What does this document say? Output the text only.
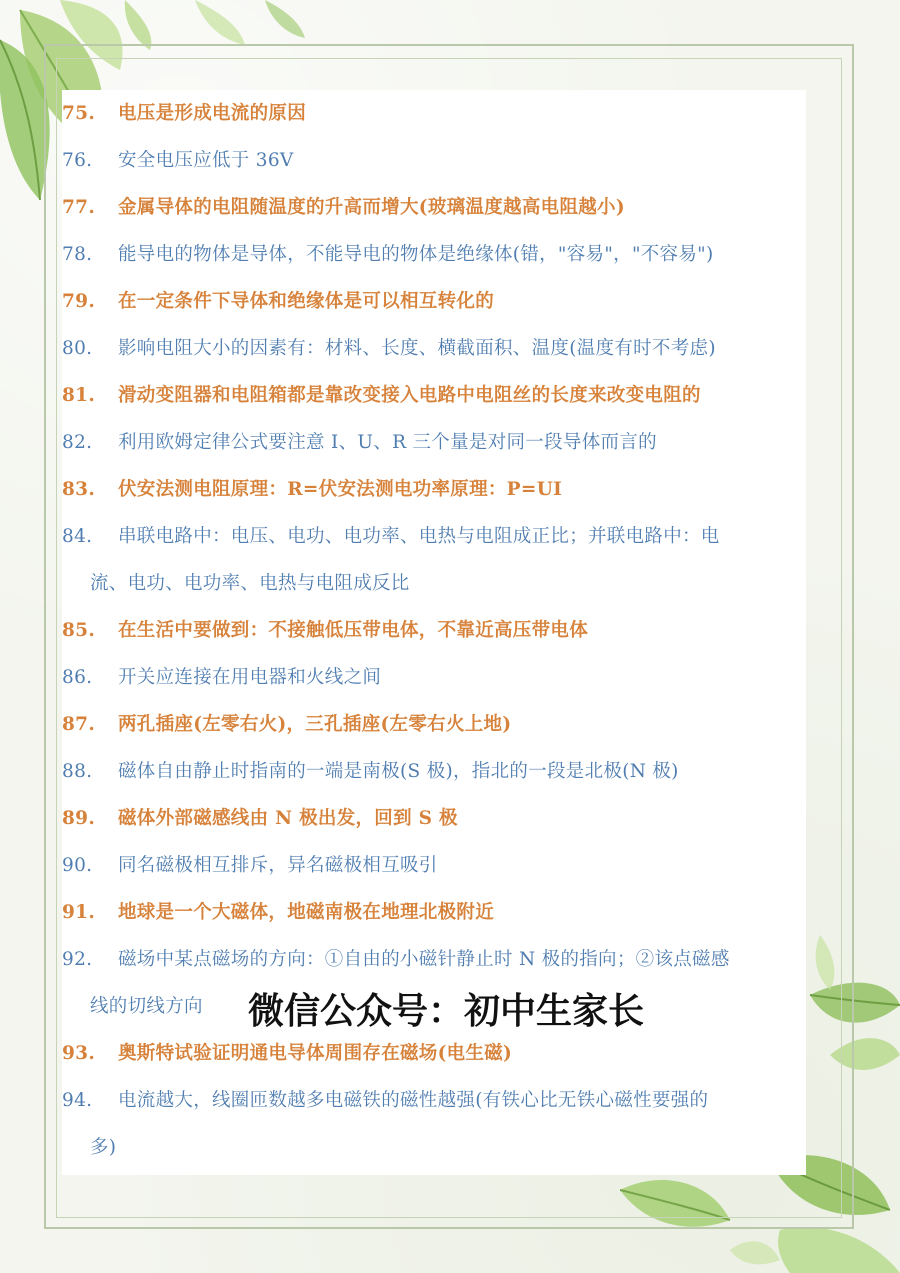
75.	电压是形成电流的原因
76.	安全电压应低于 36V
77.	金属导体的电阻随温度的升高而增大(玻璃温度越高电阻越小)
78.	能导电的物体是导体，不能导电的物体是绝缘体(错，"容易"，"不容易")
79.	在一定条件下导体和绝缘体是可以相互转化的
80.	影响电阻大小的因素有：材料、长度、横截面积、温度(温度有时不考虑)
81.	滑动变阻器和电阻箱都是靠改变接入电路中电阻丝的长度来改变电阻的
82.	利用欧姆定律公式要注意 I、U、R 三个量是对同一段导体而言的
83.	伏安法测电阻原理：R=伏安法测电功率原理：P=UI
84.	串联电路中：电压、电功、电功率、电热与电阻成正比；并联电路中：电
流、电功、电功率、电热与电阻成反比
85.	在生活中要做到：不接触低压带电体，不靠近高压带电体
86.	开关应连接在用电器和火线之间
87.	两孔插座(左零右火)，三孔插座(左零右火上地)
88.	磁体自由静止时指南的一端是南极(S 极)，指北的一段是北极(N 极)
89.	磁体外部磁感线由 N 极出发，回到 S 极
90.	同名磁极相互排斥，异名磁极相互吸引
91.	地球是一个大磁体，地磁南极在地理北极附近
92.	磁场中某点磁场的方向：①自由的小磁针静止时 N 极的指向；②该点磁感
线的切线方向
93.	奥斯特试验证明通电导体周围存在磁场(电生磁)
94.	电流越大，线圈匝数越多电磁铁的磁性越强(有铁心比无铁心磁性要强的
多)
微信公众号：初中生家长
